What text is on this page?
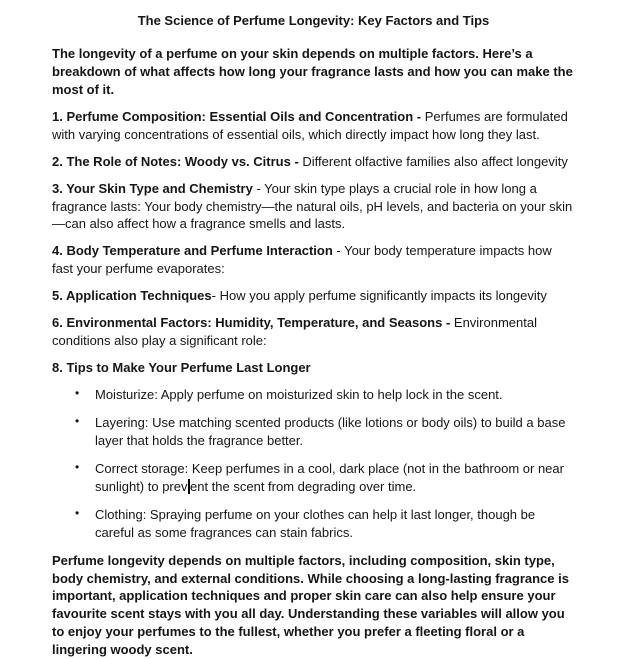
The Science of Perfume Longevity: Key Factors and Tips

The longevity of a perfume on your skin depends on multiple factors. Here’s a breakdown of what affects how long your fragrance lasts and how you can make the most of it.

1. Perfume Composition: Essential Oils and Concentration - Perfumes are formulated with varying concentrations of essential oils, which directly impact how long they last.

2. The Role of Notes: Woody vs. Citrus - Different olfactive families also affect longevity

3. Your Skin Type and Chemistry - Your skin type plays a crucial role in how long a fragrance lasts: Your body chemistry—the natural oils, pH levels, and bacteria on your skin—can also affect how a fragrance smells and lasts.

4. Body Temperature and Perfume Interaction - Your body temperature impacts how fast your perfume evaporates:

5. Application Techniques- How you apply perfume significantly impacts its longevity

6. Environmental Factors: Humidity, Temperature, and Seasons - Environmental conditions also play a significant role:

8. Tips to Make Your Perfume Last Longer

• Moisturize: Apply perfume on moisturized skin to help lock in the scent.
• Layering: Use matching scented products (like lotions or body oils) to build a base layer that holds the fragrance better.
• Correct storage: Keep perfumes in a cool, dark place (not in the bathroom or near sunlight) to prev ent the scent from degrading over time.
• Clothing: Spraying perfume on your clothes can help it last longer, though be careful as some fragrances can stain fabrics.

Perfume longevity depends on multiple factors, including composition, skin type, body chemistry, and external conditions. While choosing a long-lasting fragrance is important, application techniques and proper skin care can also help ensure your favourite scent stays with you all day. Understanding these variables will allow you to enjoy your perfumes to the fullest, whether you prefer a fleeting floral or a lingering woody scent.
